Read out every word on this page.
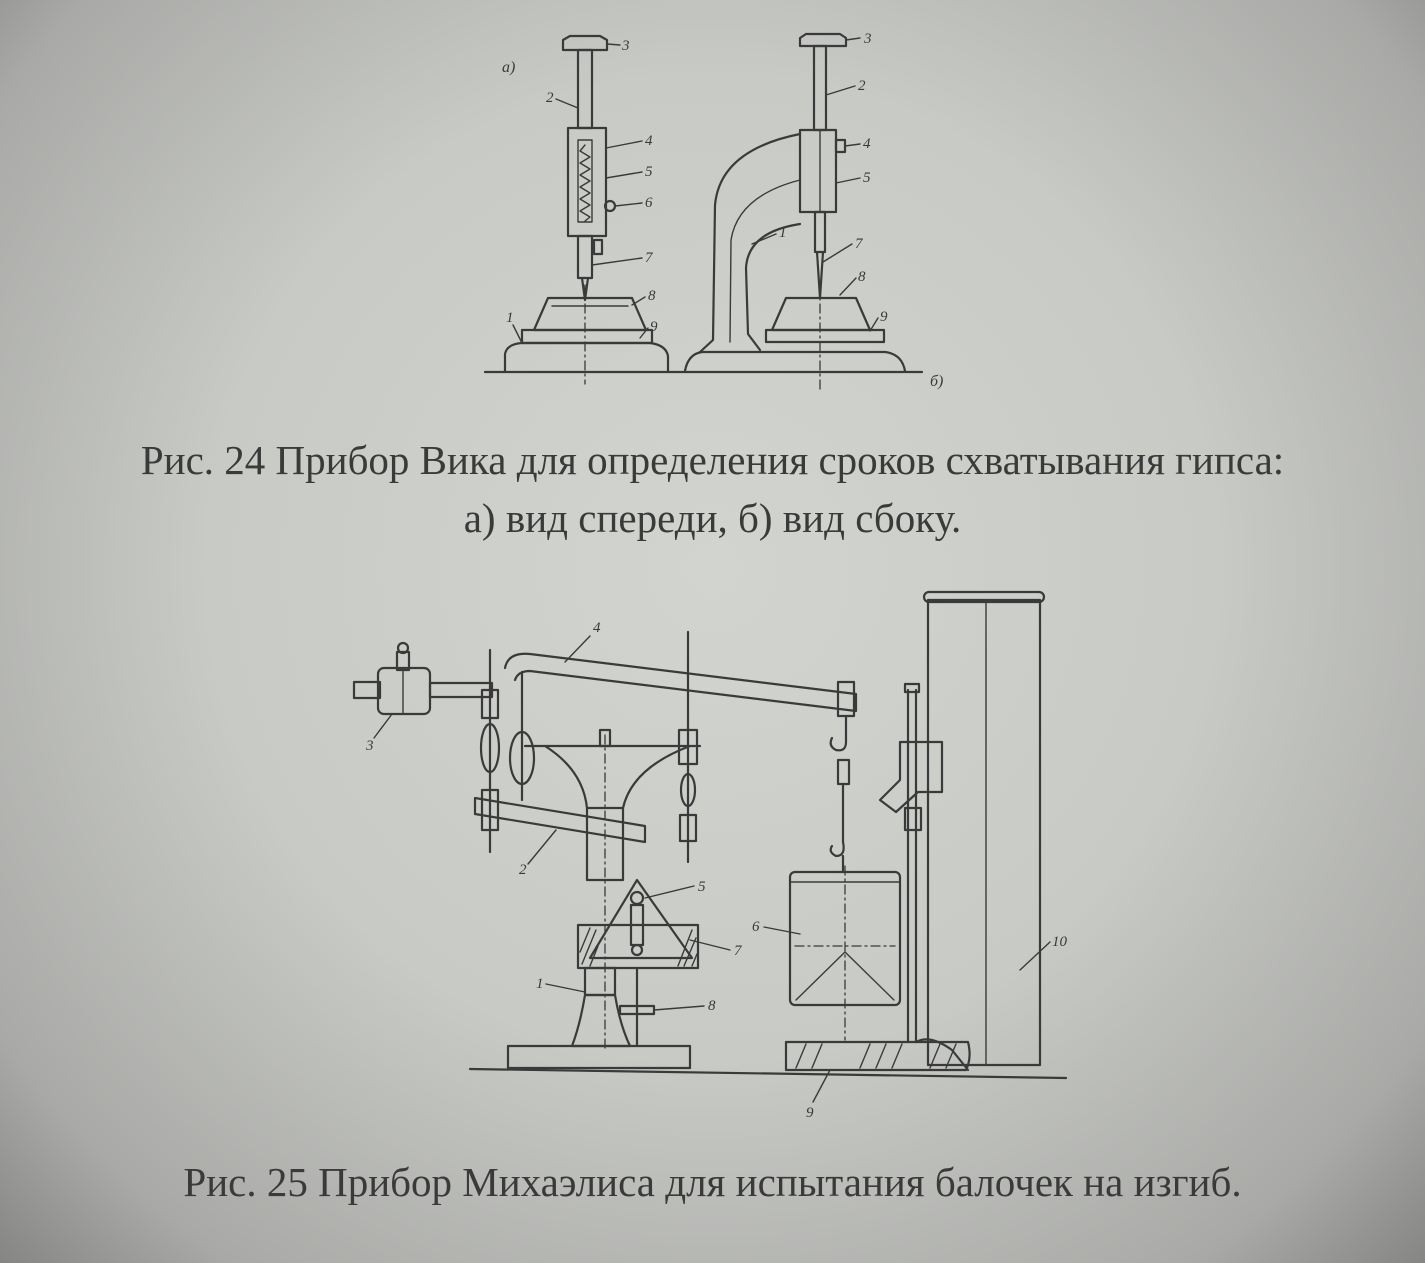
а)
3
2
4
5
6
7
8
9
1
3
2
4
5
1
7
8
9
б)
4
3
2
5
7
1
8
6
10
9
Рис. 24 Прибор Вика для определения сроков схватывания гипса:
а) вид спереди, б) вид сбоку.
Рис. 25 Прибор Михаэлиса для испытания балочек на изгиб.
